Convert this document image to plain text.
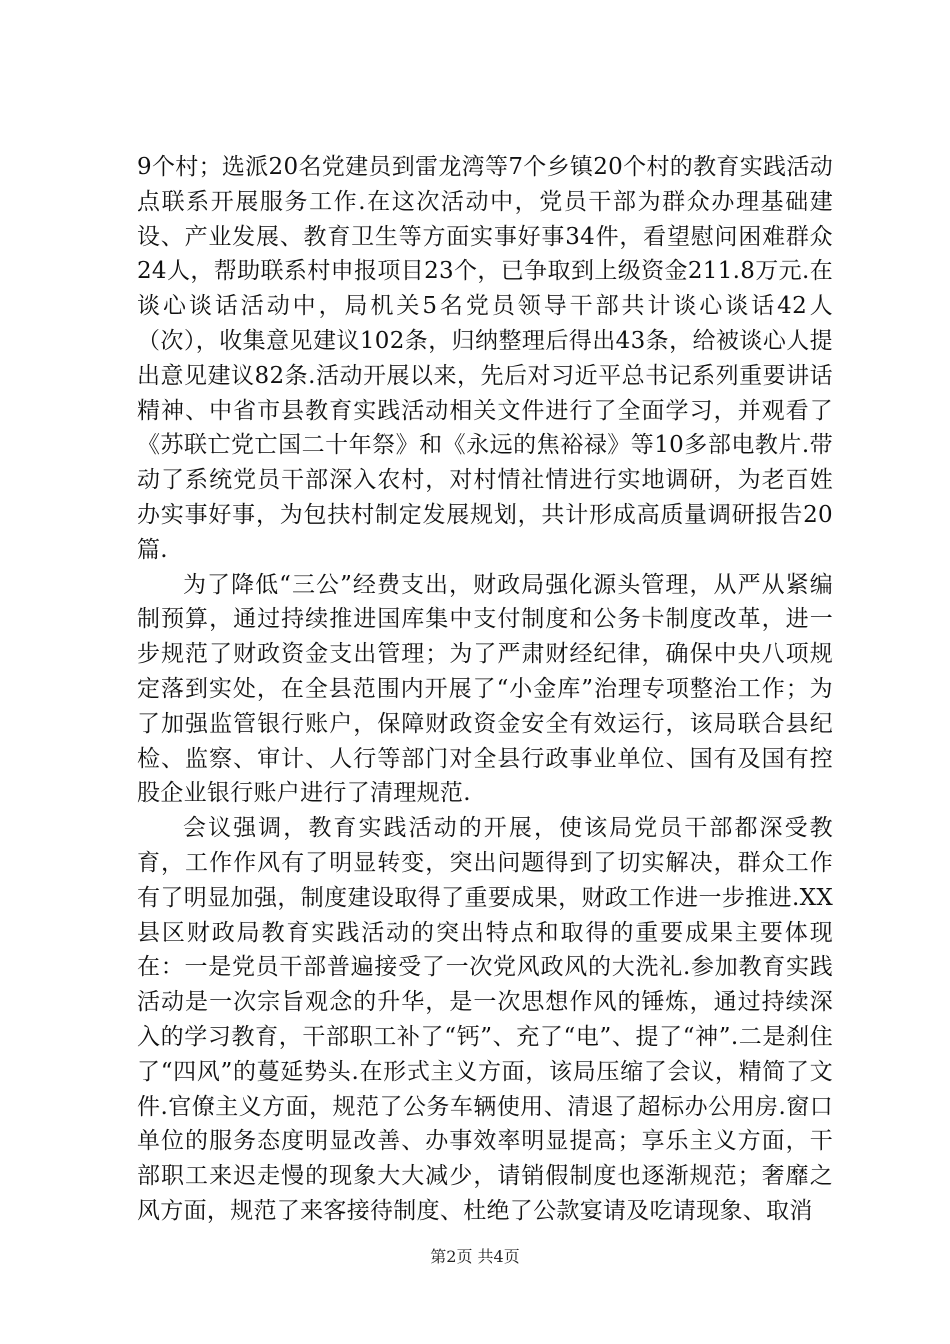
9个村；选派20名党建员到雷龙湾等7个乡镇20个村的教育实践活动点联系开展服务工作.在这次活动中，党员干部为群众办理基础建设、产业发展、教育卫生等方面实事好事34件，看望慰问困难群众24人，帮助联系村申报项目23个，已争取到上级资金211.8万元.在谈心谈话活动中，局机关5名党员领导干部共计谈心谈话42人（次），收集意见建议102条，归纳整理后得出43条，给被谈心人提出意见建议82条.活动开展以来，先后对习近平总书记系列重要讲话精神、中省市县教育实践活动相关文件进行了全面学习，并观看了《苏联亡党亡国二十年祭》和《永远的焦裕禄》等10多部电教片.带动了系统党员干部深入农村，对村情社情进行实地调研，为老百姓办实事好事，为包扶村制定发展规划，共计形成高质量调研报告20篇.

为了降低“三公”经费支出，财政局强化源头管理，从严从紧编制预算，通过持续推进国库集中支付制度和公务卡制度改革，进一步规范了财政资金支出管理；为了严肃财经纪律，确保中央八项规定落到实处，在全县范围内开展了“小金库”治理专项整治工作；为了加强监管银行账户，保障财政资金安全有效运行，该局联合县纪检、监察、审计、人行等部门对全县行政事业单位、国有及国有控股企业银行账户进行了清理规范.

会议强调，教育实践活动的开展，使该局党员干部都深受教育，工作作风有了明显转变，突出问题得到了切实解决，群众工作有了明显加强，制度建设取得了重要成果，财政工作进一步推进.XX县区财政局教育实践活动的突出特点和取得的重要成果主要体现在：一是党员干部普遍接受了一次党风政风的大洗礼.参加教育实践活动是一次宗旨观念的升华，是一次思想作风的锤炼，通过持续深入的学习教育，干部职工补了“钙”、充了“电”、提了“神”.二是刹住了“四风”的蔓延势头.在形式主义方面，该局压缩了会议，精简了文件.官僚主义方面，规范了公务车辆使用、清退了超标办公用房.窗口单位的服务态度明显改善、办事效率明显提高；享乐主义方面，干部职工来迟走慢的现象大大减少，请销假制度也逐渐规范；奢靡之风方面，规范了来客接待制度、杜绝了公款宴请及吃请现象、取消

第2页 共4页
